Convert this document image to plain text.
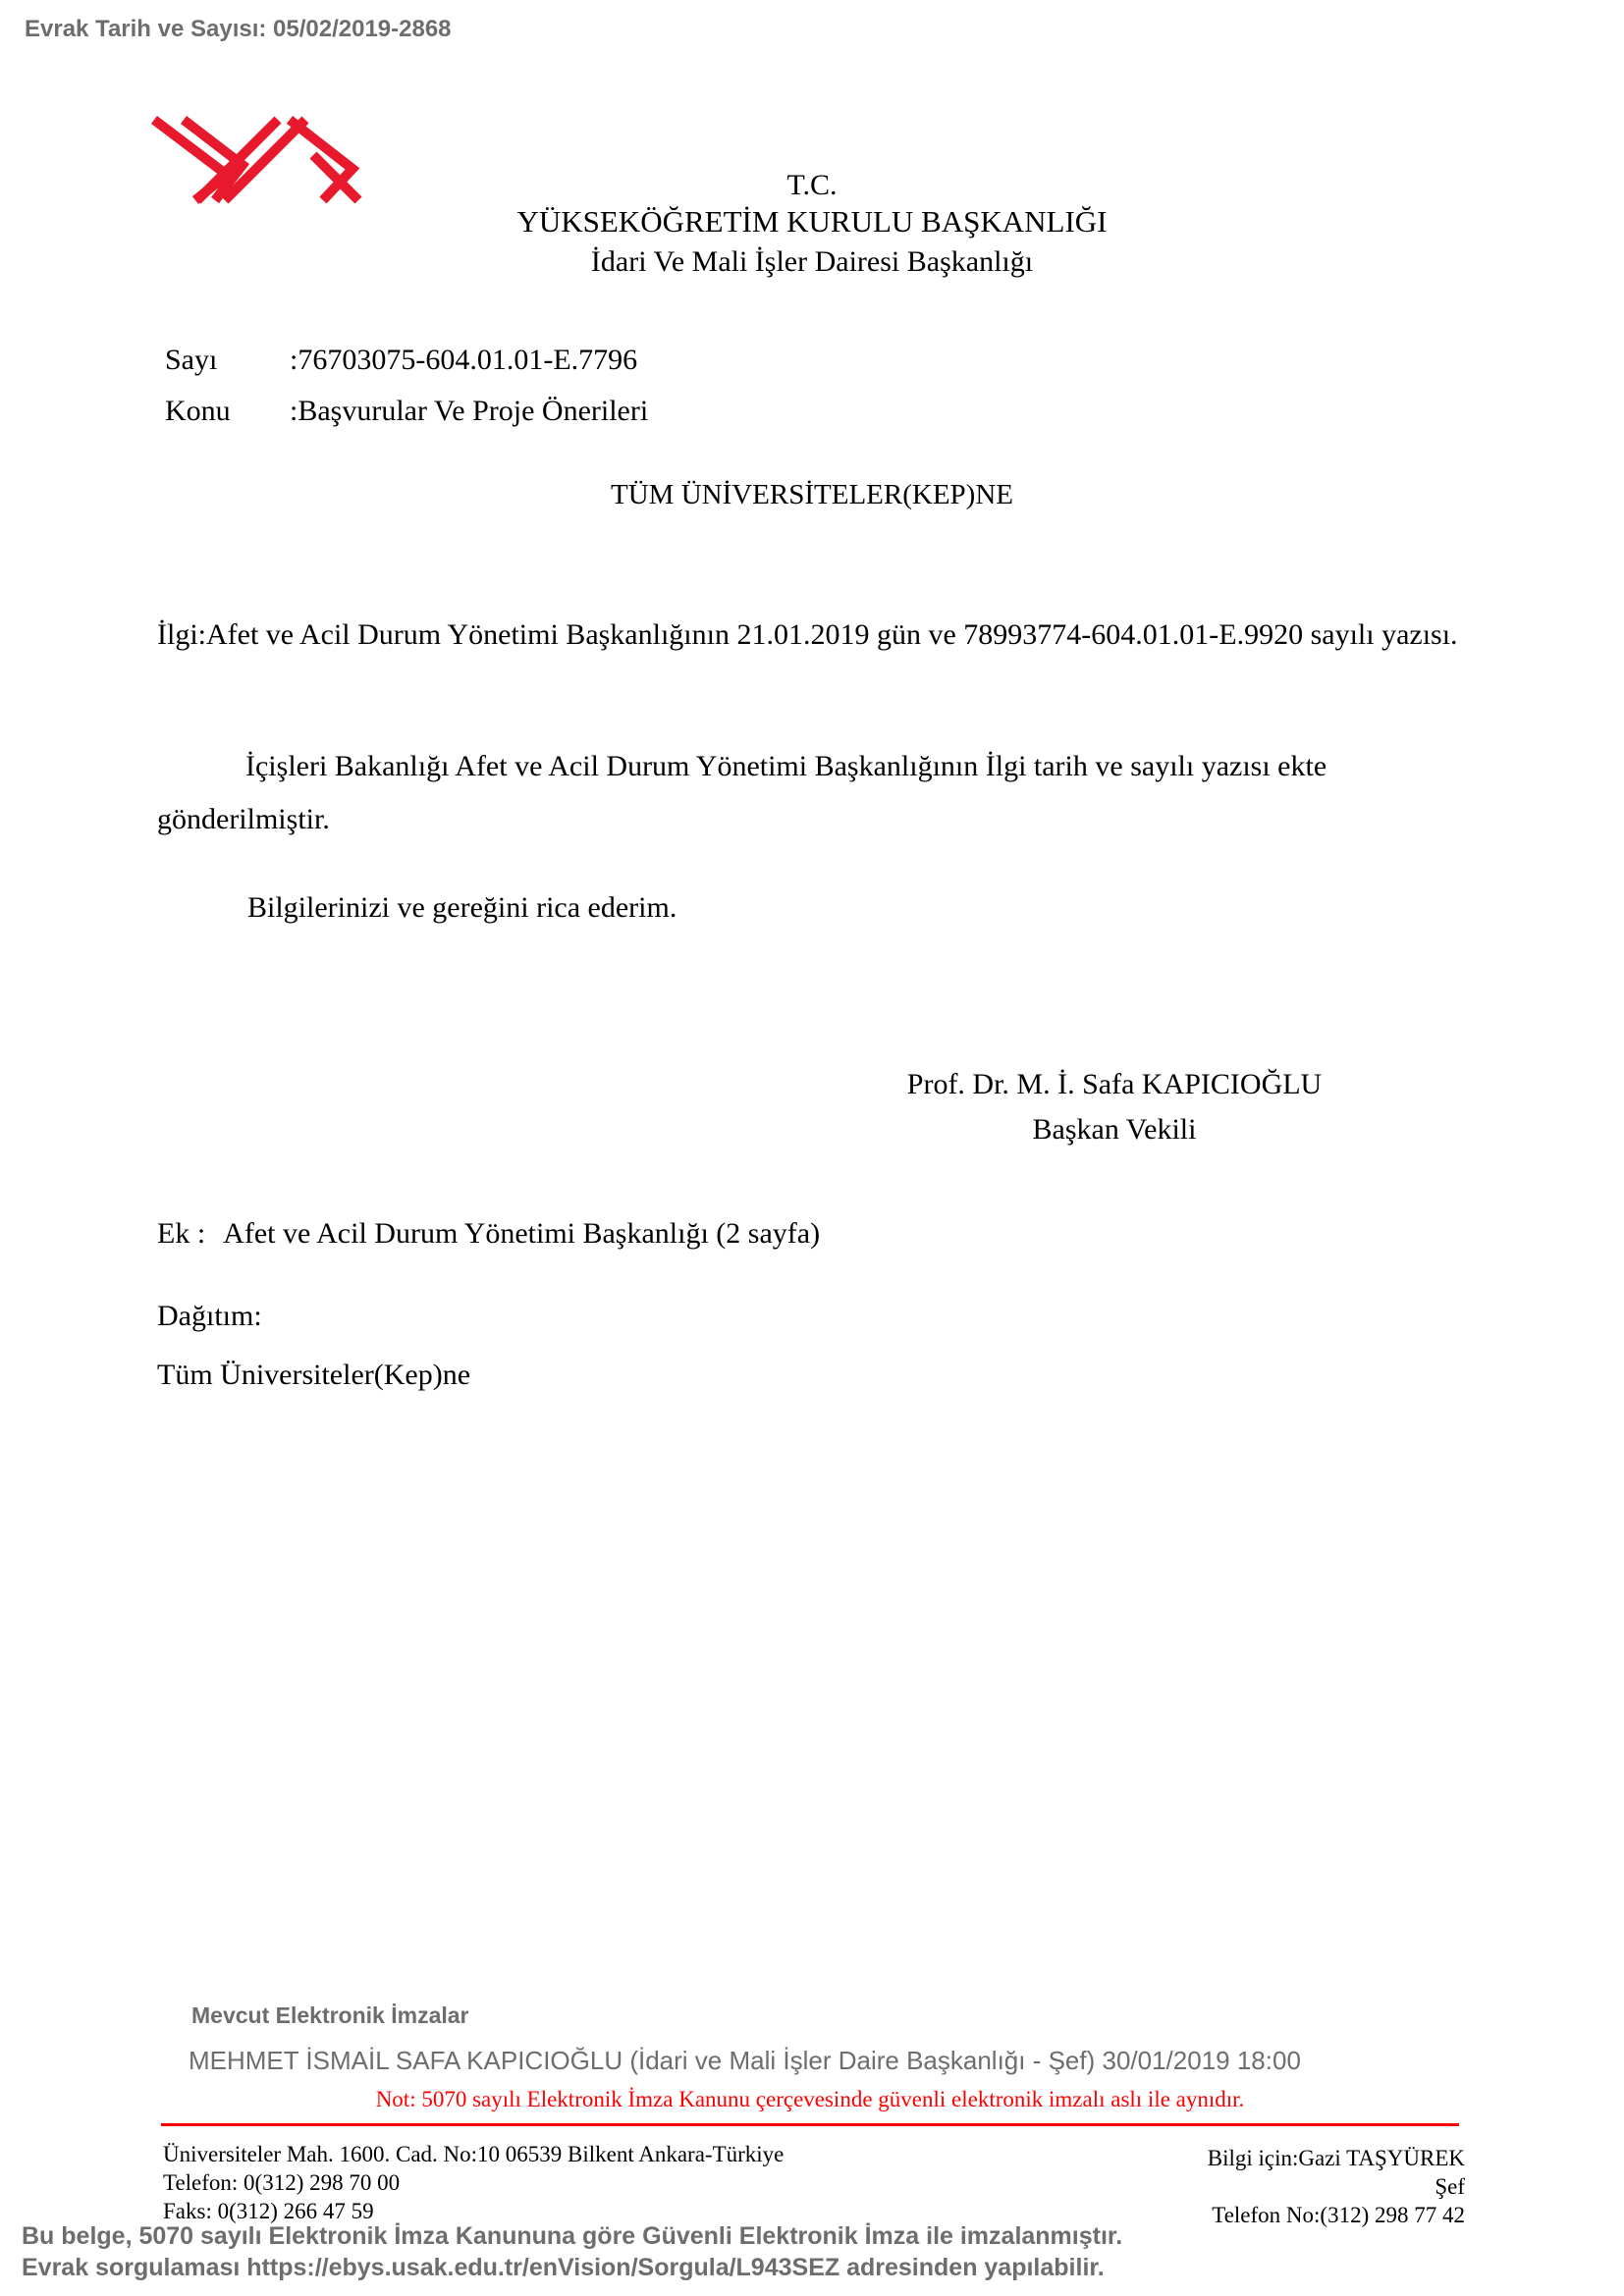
Evrak Tarih ve Sayısı: 05/02/2019-2868
T.C.
YÜKSEKÖĞRETİM KURULU BAŞKANLIĞI
İdari Ve Mali İşler Dairesi Başkanlığı
Sayı	: 76703075-604.01.01-E.7796
Konu	: Başvurular Ve Proje Önerileri
TÜM ÜNİVERSİTELER(KEP)NE
İlgi:Afet ve Acil Durum Yönetimi Başkanlığının 21.01.2019 gün ve 78993774-604.01.01-E.9920 sayılı yazısı.
İçişleri Bakanlığı Afet ve Acil Durum Yönetimi Başkanlığının İlgi tarih ve sayılı yazısı ekte gönderilmiştir.
Bilgilerinizi ve gereğini rica ederim.
Prof. Dr. M. İ. Safa KAPICIOĞLU
Başkan Vekili
Ek : Afet ve Acil Durum Yönetimi Başkanlığı (2 sayfa)
Dağıtım:
Tüm Üniversiteler(Kep)ne
Mevcut Elektronik İmzalar
MEHMET İSMAİL SAFA KAPICIOĞLU (İdari ve Mali İşler Daire Başkanlığı - Şef) 30/01/2019 18:00
Not: 5070 sayılı Elektronik İmza Kanunu çerçevesinde güvenli elektronik imzalı aslı ile aynıdır.
Üniversiteler Mah. 1600. Cad. No:10 06539 Bilkent Ankara-Türkiye
Telefon: 0(312) 298 70 00
Faks: 0(312) 266 47 59
Bilgi için:Gazi TAŞYÜREK
Şef
Telefon No:(312) 298 77 42
Bu belge, 5070 sayılı Elektronik İmza Kanununa göre Güvenli Elektronik İmza ile imzalanmıştır.
Evrak sorgulaması https://ebys.usak.edu.tr/enVision/Sorgula/L943SEZ adresinden yapılabilir.
